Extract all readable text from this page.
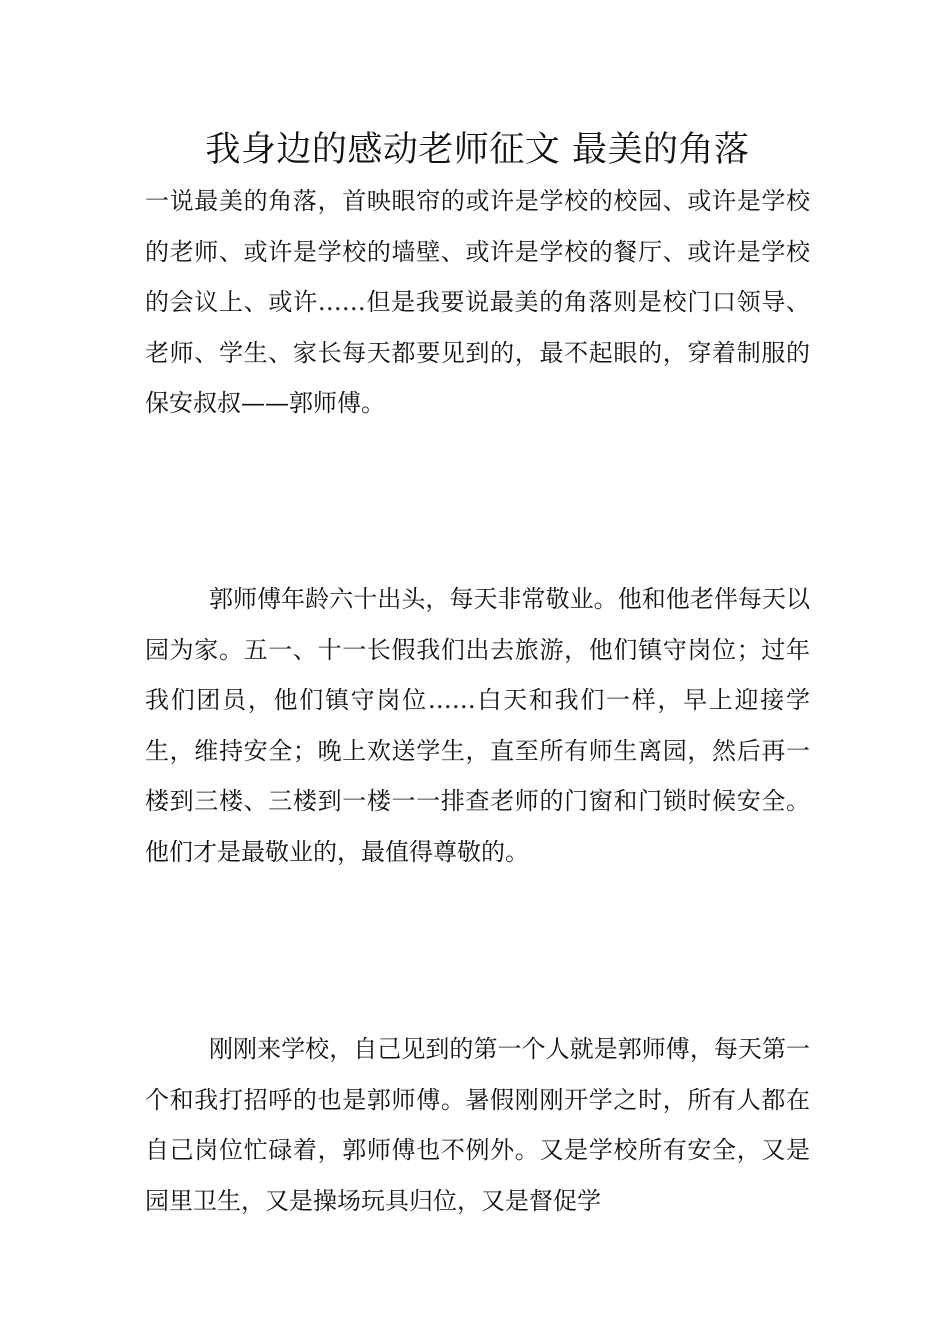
我身边的感动老师征文 最美的角落

一说最美的角落，首映眼帘的或许是学校的校园、或许是学校的老师、或许是学校的墙壁、或许是学校的餐厅、或许是学校的会议上、或许……但是我要说最美的角落则是校门口领导、老师、学生、家长每天都要见到的，最不起眼的，穿着制服的保安叔叔——郭师傅。

郭师傅年龄六十出头，每天非常敬业。他和他老伴每天以园为家。五一、十一长假我们出去旅游，他们镇守岗位；过年我们团员，他们镇守岗位……白天和我们一样，早上迎接学生，维持安全；晚上欢送学生，直至所有师生离园，然后再一楼到三楼、三楼到一楼一一排查老师的门窗和门锁时候安全。他们才是最敬业的，最值得尊敬的。

刚刚来学校，自己见到的第一个人就是郭师傅，每天第一个和我打招呼的也是郭师傅。暑假刚刚开学之时，所有人都在自己岗位忙碌着，郭师傅也不例外。又是学校所有安全，又是园里卫生，又是操场玩具归位，又是督促学
